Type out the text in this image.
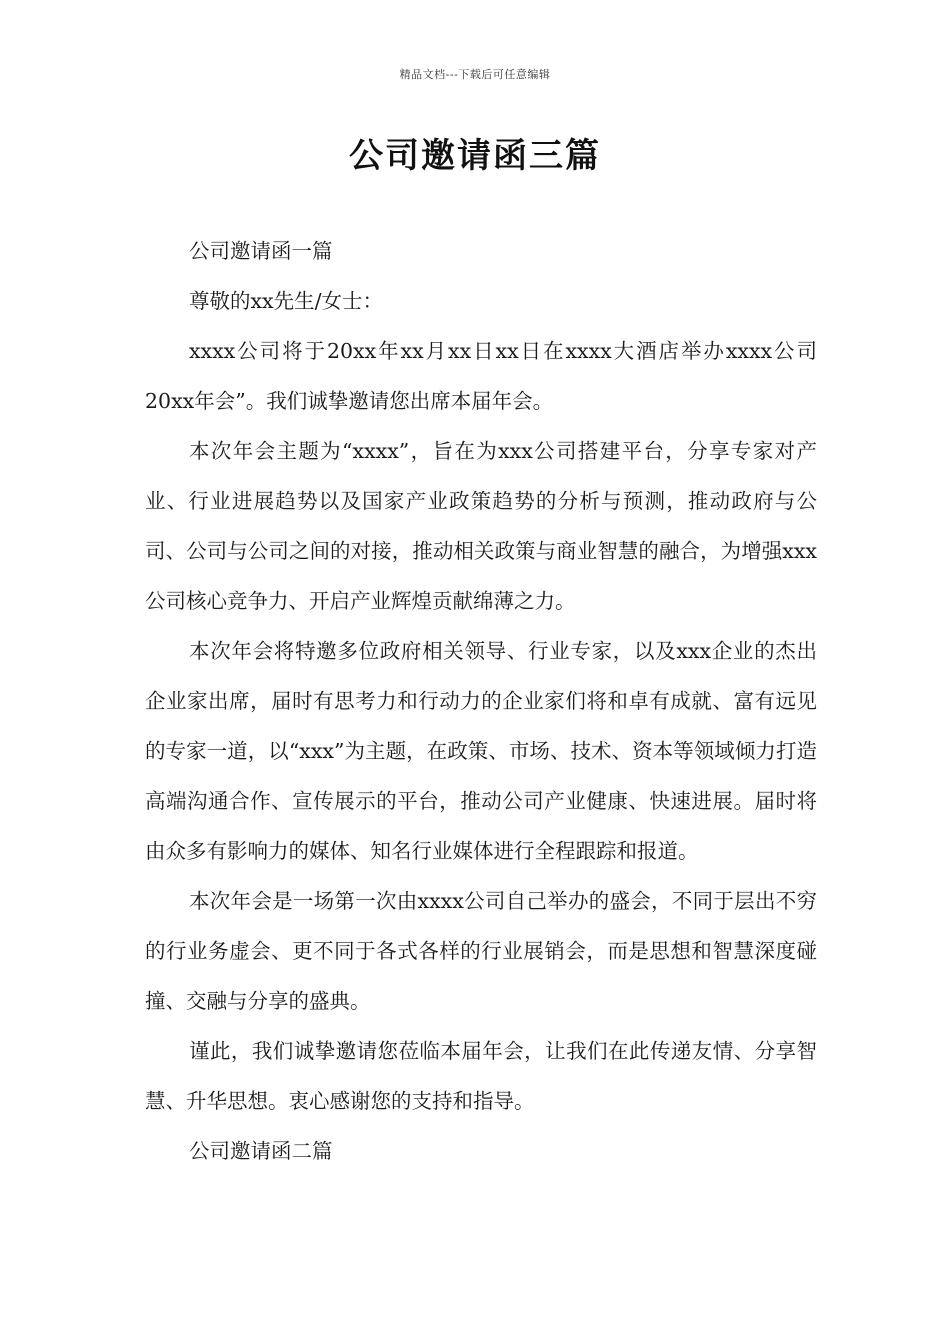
精品文档---下载后可任意编辑
公司邀请函三篇

公司邀请函一篇

尊敬的xx先生/女士：

xxxx公司将于20xx年xx月xx日xx日在xxxx大酒店举办xxxx公司20xx年会”。我们诚挚邀请您出席本届年会。

本次年会主题为“xxxx”，旨在为xxx公司搭建平台，分享专家对产业、行业进展趋势以及国家产业政策趋势的分析与预测，推动政府与公司、公司与公司之间的对接，推动相关政策与商业智慧的融合，为增强xxx公司核心竞争力、开启产业辉煌贡献绵薄之力。

本次年会将特邀多位政府相关领导、行业专家，以及xxx企业的杰出企业家出席，届时有思考力和行动力的企业家们将和卓有成就、富有远见的专家一道，以“xxx”为主题，在政策、市场、技术、资本等领域倾力打造高端沟通合作、宣传展示的平台，推动公司产业健康、快速进展。届时将由众多有影响力的媒体、知名行业媒体进行全程跟踪和报道。

本次年会是一场第一次由xxxx公司自己举办的盛会，不同于层出不穷的行业务虚会、更不同于各式各样的行业展销会，而是思想和智慧深度碰撞、交融与分享的盛典。

谨此，我们诚挚邀请您莅临本届年会，让我们在此传递友情、分享智慧、升华思想。衷心感谢您的支持和指导。

公司邀请函二篇
